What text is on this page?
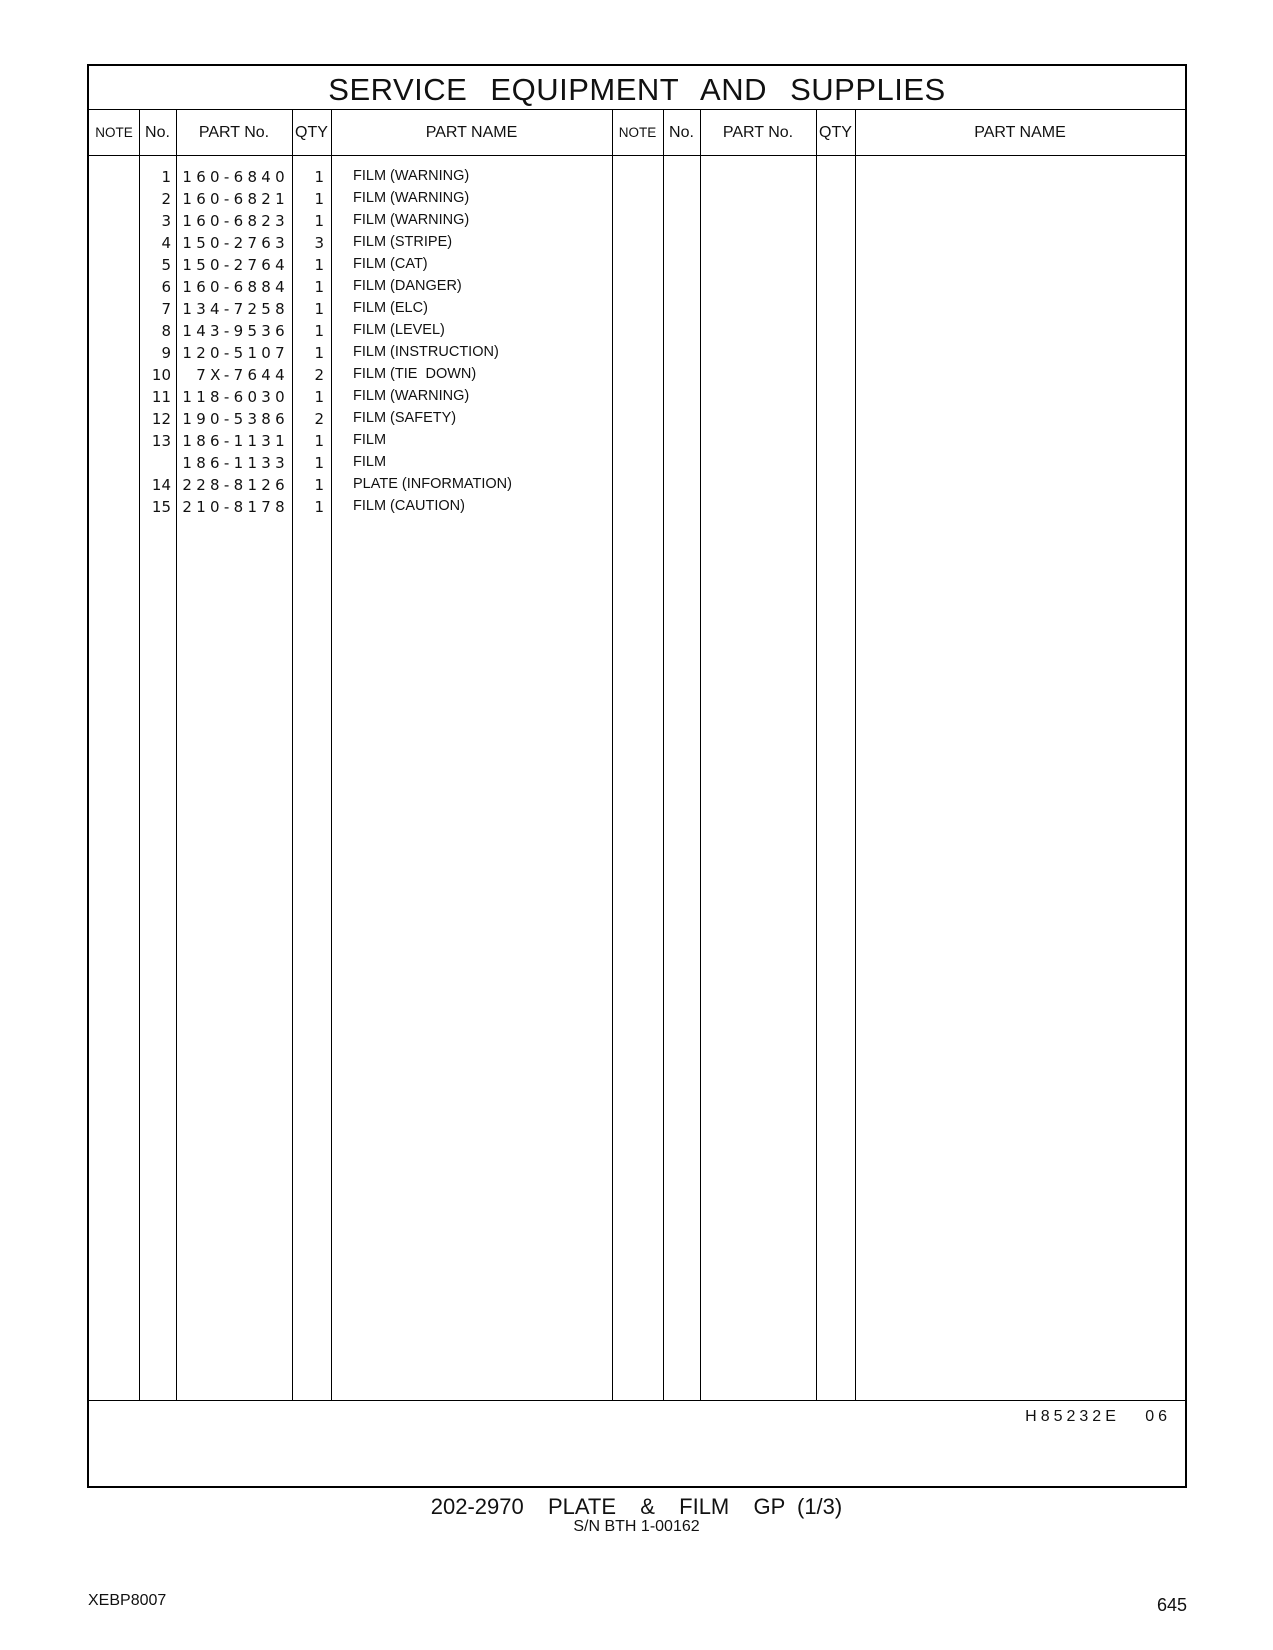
SERVICE EQUIPMENT AND SUPPLIES
NOTE No.	PART No.	QTY	PART NAME	NOTE No.	PART No.	QTY	PART NAME
1 160-6840	1 FILM (WARNING)
2 160-6821	1 FILM (WARNING)
3 160-6823	1 FILM (WARNING)
4 150-2763	3 FILM (STRIPE)
5 150-2764	1 FILM (CAT)
6 160-6884	1 FILM (DANGER)
7 134-7258	1 FILM (ELC)
8 143-9536	1 FILM (LEVEL)
9 120-5107	1 FILM (INSTRUCTION)
10	7X-7644	2 FILM (TIE  DOWN)
11 118-6030	1 FILM (WARNING)
12 190-5386	2 FILM (SAFETY)
13 186-1131	1 FILM
186-1133	1 FILM
14 228-8126	1 PLATE (INFORMATION)
15 210-8178	1 FILM (CAUTION)
H85232E   06
202-2970  PLATE  &  FILM  GP (1/3)
S/N BTH 1-00162
XEBP8007	645
